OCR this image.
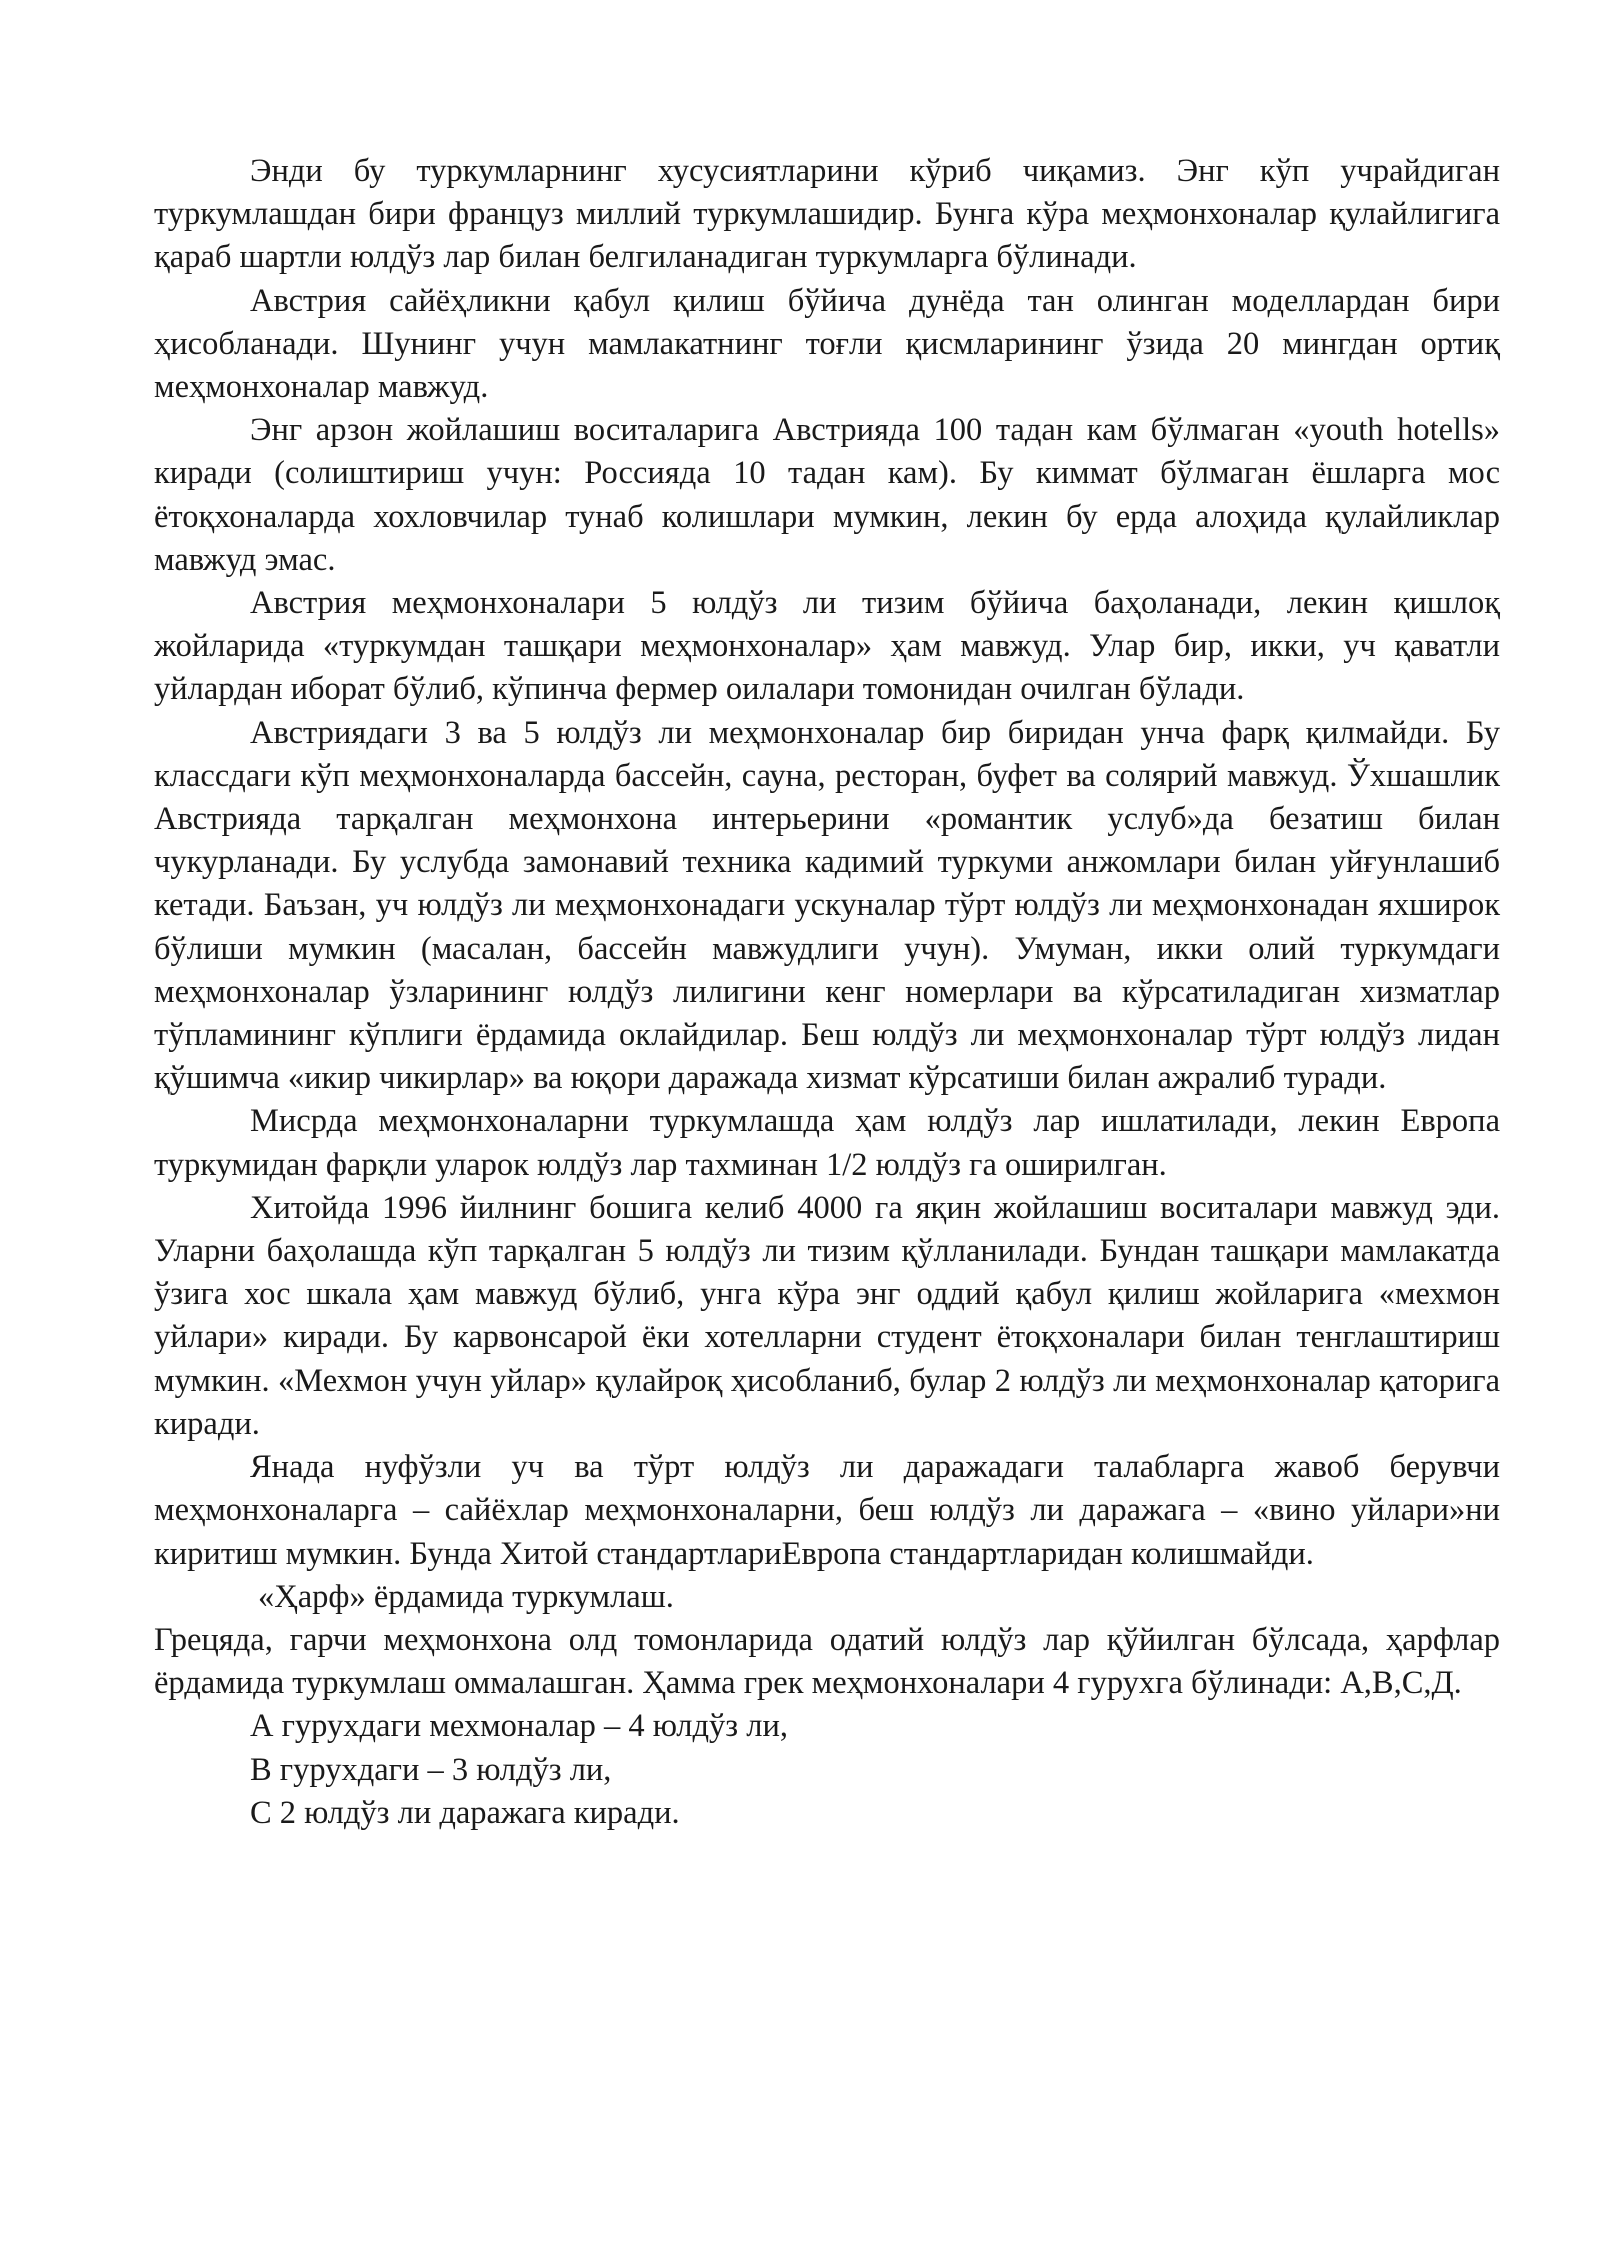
Энди бу туркумларнинг хусусиятларини кўриб чиқамиз. Энг кўп учрайдиган туркумлашдан бири француз миллий туркумлашидир. Бунга кўра меҳмонхоналар қулайлигига қараб шартли юлдўз лар билан белгиланадиган туркумларга бўлинади.

Австрия сайёҳликни қабул қилиш бўйича дунёда тан олинган моделлардан бири ҳисобланади. Шунинг учун мамлакатнинг тоғли қисмларининг ўзида 20 мингдан ортиқ меҳмонхоналар мавжуд.

Энг арзон жойлашиш воситаларига Австрияда 100 тадан кам бўлмаган «youth hotells» киради (солиштириш учун: Россияда 10 тадан кам). Бу киммат бўлмаган ёшларга мос ётоқхоналарда хохловчилар тунаб колишлари мумкин, лекин бу ерда алоҳида қулайликлар мавжуд эмас.

Австрия меҳмонхоналари 5 юлдўз ли тизим бўйича баҳоланади, лекин қишлоқ жойларида «туркумдан ташқари меҳмонхоналар» ҳам мавжуд. Улар бир, икки, уч қаватли уйлардан иборат бўлиб, кўпинча фермер оилалари томонидан очилган бўлади.

Австриядаги 3 ва 5 юлдўз ли меҳмонхоналар бир биридан унча фарқ қилмайди. Бу классдаги кўп меҳмонхоналарда бассейн, сауна, ресторан, буфет ва солярий мавжуд. Ўхшашлик Австрияда тарқалган меҳмонхона интерьерини «романтик услуб»да безатиш билан чукурланади. Бу услубда замонавий техника кадимий туркуми анжомлари билан уйғунлашиб кетади. Баъзан, уч юлдўз ли меҳмонхонадаги ускуналар тўрт юлдўз ли меҳмонхонадан яхширок бўлиши мумкин (масалан, бассейн мавжудлиги учун). Умуман, икки олий туркумдаги меҳмонхоналар ўзларининг юлдўз лилигини кенг номерлари ва кўрсатиладиган хизматлар тўпламининг кўплиги ёрдамида оклайдилар. Беш юлдўз ли меҳмонхоналар тўрт юлдўз лидан қўшимча «икир чикирлар» ва юқори даражада хизмат кўрсатиши билан ажралиб туради.

Мисрда меҳмонхоналарни туркумлашда ҳам юлдўз лар ишлатилади, лекин Европа туркумидан фарқли уларок юлдўз лар тахминан 1/2 юлдўз га оширилган.

Хитойда 1996 йилнинг бошига келиб 4000 га яқин жойлашиш воситалари мавжуд эди. Уларни баҳолашда кўп тарқалган 5 юлдўз ли тизим қўлланилади. Бундан ташқари мамлакатда ўзига хос шкала ҳам мавжуд бўлиб, унга кўра энг оддий қабул қилиш жойларига «мехмон уйлари» киради. Бу карвонсарой ёки хотелларни студент ётоқхоналари билан тенглаштириш мумкин. «Мехмон учун уйлар» қулайроқ ҳисобланиб, булар 2 юлдўз ли меҳмонхоналар қаторига киради.

Янада нуфўзли уч ва тўрт юлдўз ли даражадаги талабларга жавоб берувчи меҳмонхоналарга – сайёхлар меҳмонхоналарни, беш юлдўз ли даражага – «вино уйлари»ни киритиш мумкин. Бунда Хитой стандартлариЕвропа стандартларидан колишмайди.

«Ҳарф» ёрдамида туркумлаш.

Грецяда, гарчи меҳмонхона олд томонларида одатий юлдўз лар қўйилган бўлсада, ҳарфлар ёрдамида туркумлаш оммалашган. Ҳамма грек меҳмонхоналари 4 гурухга бўлинади: А,В,С,Д.

А гурухдаги мехмоналар – 4 юлдўз ли,

В гурухдаги – 3 юлдўз ли,

С 2 юлдўз ли даражага киради.
